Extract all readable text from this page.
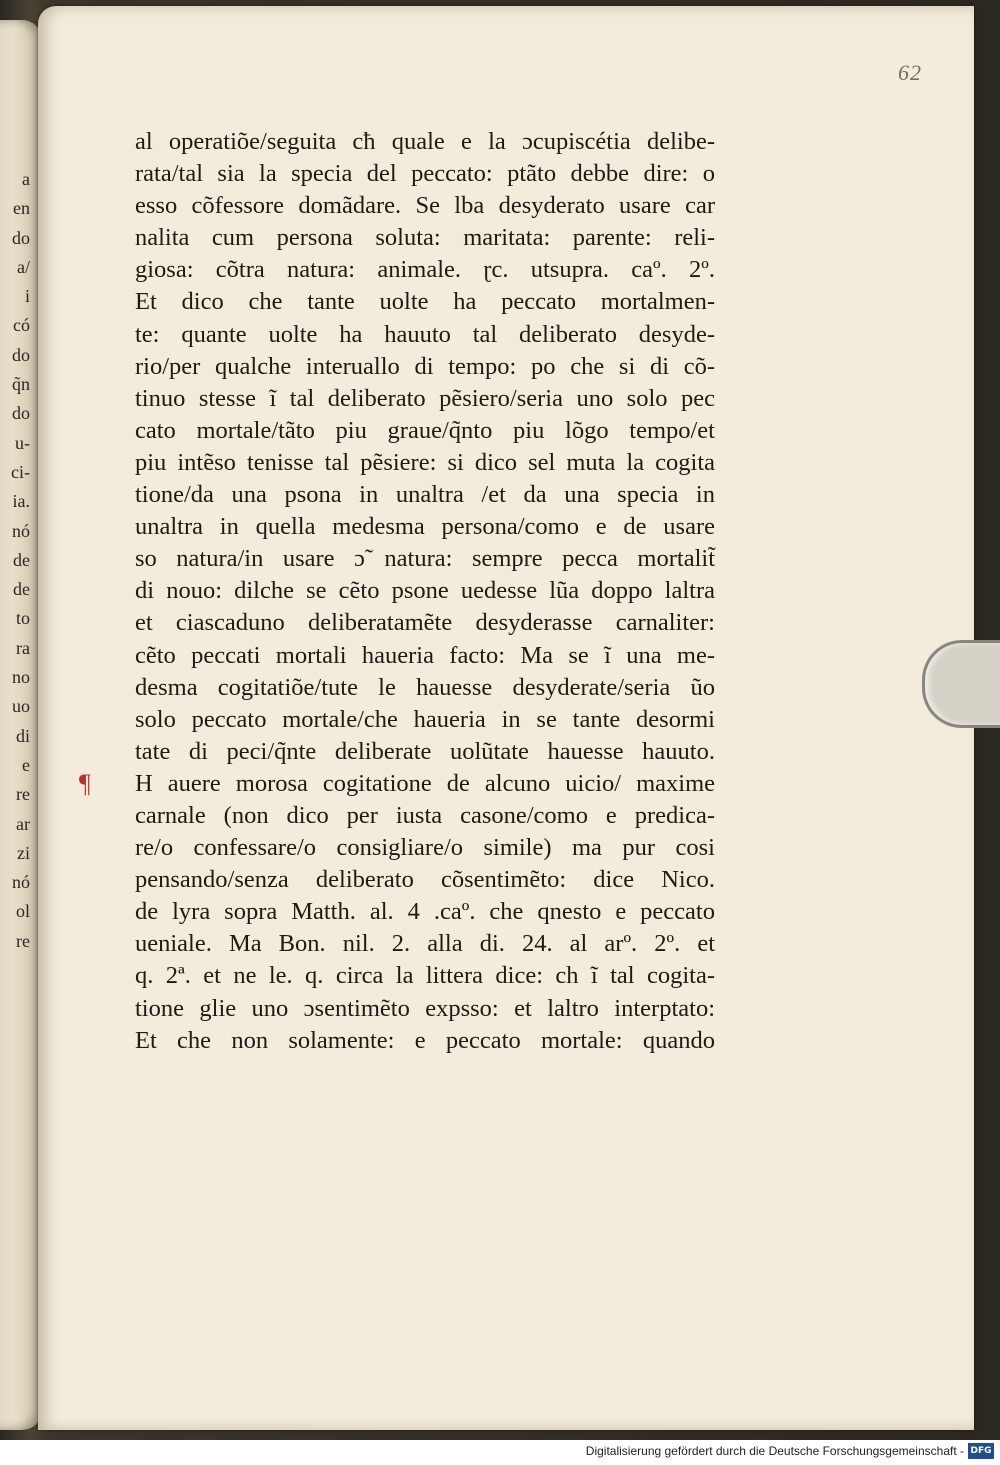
a
en
do
a/
i
có
do
q̃n
do
u-
ci-
ia.
nó
de
de
to
ra
no
uo
di
e
re
ar
zi
nó
ol
re
62
al operatiõe/seguita cħ quale e la ɔcupiscétia delibe-
rata/tal sia la specia del peccato: ptãto debbe dire: o
esso cõfessore domãdare. Se lba desyderato usare car
nalita cum persona soluta: maritata: parente: reli-
giosa: cõtra natura: animale. ɽc. utsupra. caº. 2º.
Et dico che tante uolte ha peccato mortalmen-
te: quante uolte ha hauuto tal deliberato desyde-
rio/per qualche interuallo di tempo: po che si di cõ-
tinuo stesse ĩ tal deliberato pẽsiero/seria uno solo pec
cato mortale/tãto piu graue/q̃nto piu lõgo tempo/et
piu intẽso tenisse tal pẽsiere: si dico sel muta la cogita
tione/da una psona in unaltra /et da una specia in
unaltra in quella medesma persona/como e de usare
so natura/in usare ɔ̃ natura: sempre pecca mortalit̃
di nouo: dilche se cẽto psone uedesse lũa doppo laltra
et ciascaduno deliberatamẽte desyderasse carnaliter:
cẽto peccati mortali haueria facto: Ma se ĩ una me-
desma cogitatiõe/tute le hauesse desyderate/seria ũo
solo peccato mortale/che haueria in se tante desormi
tate di peci/q̃nte deliberate uolũtate hauesse hauuto.
¶ H auere morosa cogitatione de alcuno uicio/ maxime
carnale (non dico per iusta casone/como e predica-
re/o confessare/o consigliare/o simile) ma pur cosi
pensando/senza deliberato cõsentimẽto: dice Nico.
de lyra sopra Matth. al. 4 .caº. che qnesto e peccato
ueniale. Ma Bon. nil. 2. alla di. 24. al arº. 2º. et
q. 2ª. et ne le. q. circa la littera dice: ch ĩ tal cogita-
tione glie uno ɔsentimẽto expsso: et laltro interptato:
Et che non solamente: e peccato mortale: quando
Digitalisierung gefördert durch die Deutsche Forschungsgemeinschaft - DFG
